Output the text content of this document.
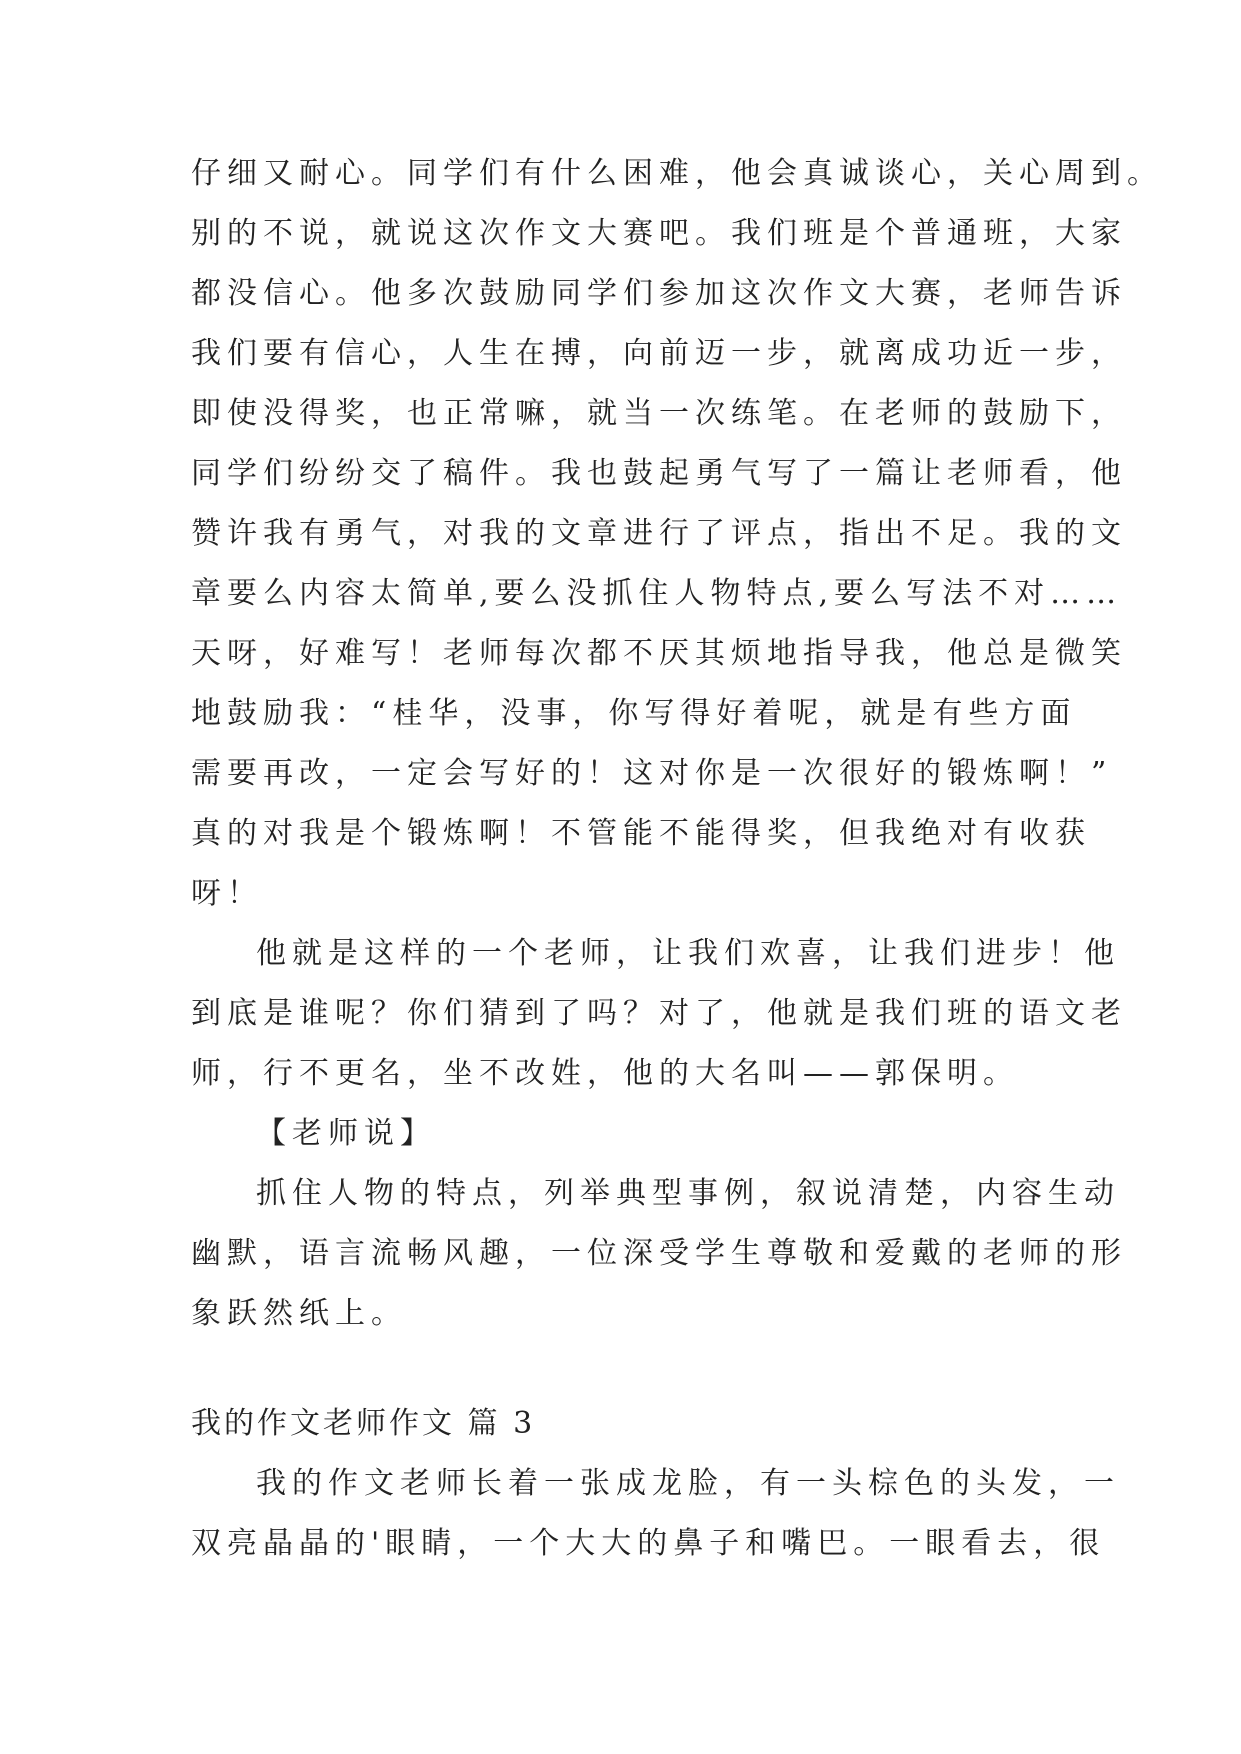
仔细又耐心。同学们有什么困难，他会真诚谈心，关心周到。
别的不说，就说这次作文大赛吧。我们班是个普通班，大家
都没信心。他多次鼓励同学们参加这次作文大赛，老师告诉
我们要有信心，人生在搏，向前迈一步，就离成功近一步，
即使没得奖，也正常嘛，就当一次练笔。在老师的鼓励下，
同学们纷纷交了稿件。我也鼓起勇气写了一篇让老师看，他
赞许我有勇气，对我的文章进行了评点，指出不足。我的文
章要么内容太简单,要么没抓住人物特点,要么写法不对……
天呀，好难写！老师每次都不厌其烦地指导我，他总是微笑
地鼓励我：“桂华，没事，你写得好着呢，就是有些方面
需要再改，一定会写好的！这对你是一次很好的锻炼啊！”
真的对我是个锻炼啊！不管能不能得奖，但我绝对有收获
呀！
他就是这样的一个老师，让我们欢喜，让我们进步！他
到底是谁呢？你们猜到了吗？对了，他就是我们班的语文老
师，行不更名，坐不改姓，他的大名叫——郭保明。
【老师说】
抓住人物的特点，列举典型事例，叙说清楚，内容生动
幽默，语言流畅风趣，一位深受学生尊敬和爱戴的老师的形
象跃然纸上。
我的作文老师作文 篇 3
我的作文老师长着一张成龙脸，有一头棕色的头发，一
双亮晶晶的'眼睛，一个大大的鼻子和嘴巴。一眼看去，很
